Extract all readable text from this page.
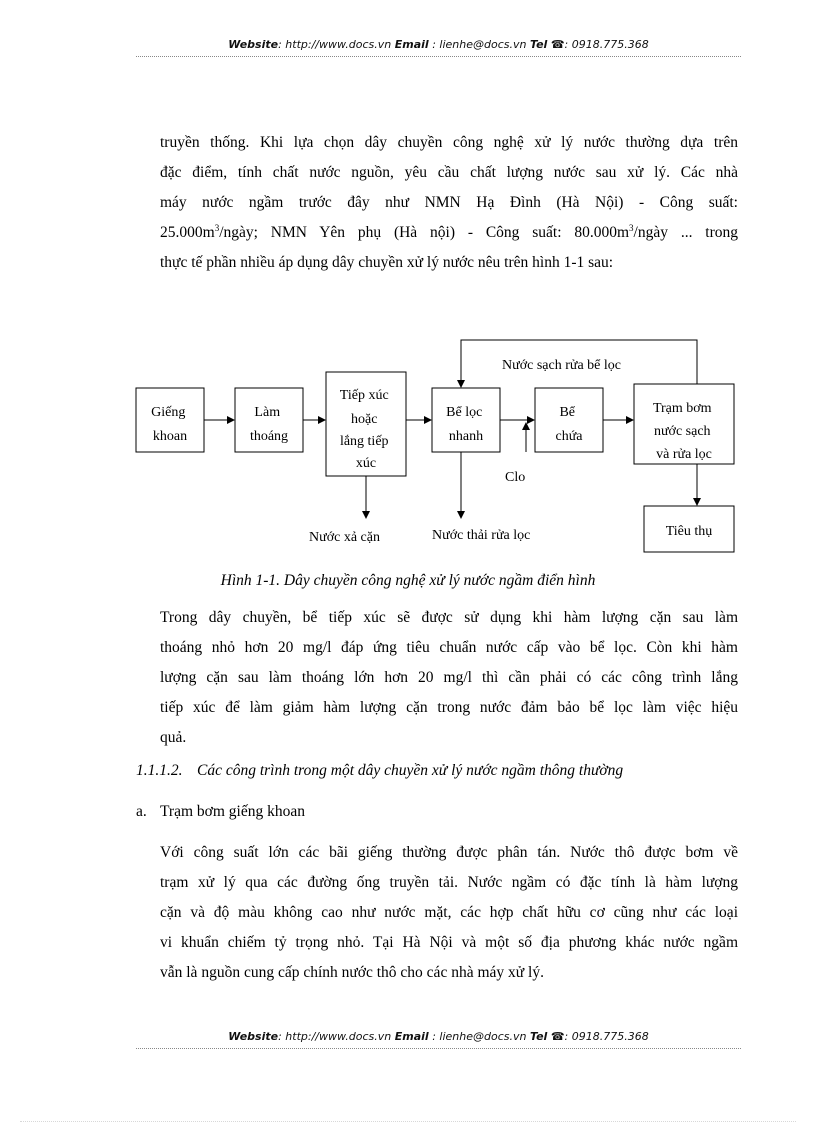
Website: http://www.docs.vn Email : lienhe@docs.vn Tel ☎: 0918.775.368
truyền thống. Khi lựa chọn dây chuyền công nghệ xử lý nước thường dựa trên
đặc điểm, tính chất nước nguồn, yêu cầu chất lượng nước sau xử lý. Các nhà
máy nước ngầm trước đây như NMN Hạ Đình (Hà Nội) - Công suất:
$25.000m^3$/ngày; NMN Yên phụ (Hà nội) - Công suất: $80.000m^3$/ngày ... trong
thực tế phần nhiều áp dụng dây chuyền xử lý nước nêu trên hình 1-1 sau:
Giếng khoan
Làm thoáng
Tiếp xúc hoặc lắng tiếp xúc
Bể lọc nhanh
Bể chứa
Trạm bơm nước sạch và rửa lọc
Tiêu thụ
Nước sạch rửa bể lọc
Clo
Nước xả cặn	Nước thải rửa lọc
Hình 1-1. Dây chuyền công nghệ xử lý nước ngầm điển hình
Trong dây chuyền, bể tiếp xúc sẽ được sử dụng khi hàm lượng cặn sau làm
thoáng nhỏ hơn 20 mg/l đáp ứng tiêu chuẩn nước cấp vào bể lọc. Còn khi hàm
lượng cặn sau làm thoáng lớn hơn 20 mg/l thì cần phải có các công trình lắng
tiếp xúc để làm giảm hàm lượng cặn trong nước đảm bảo bể lọc làm việc hiệu
quả.
1.1.1.2. Các công trình trong một dây chuyền xử lý nước ngầm thông thường
a. Trạm bơm giếng khoan
Với công suất lớn các bãi giếng thường được phân tán. Nước thô được bơm về
trạm xử lý qua các đường ống truyền tải. Nước ngầm có đặc tính là hàm lượng
cặn và độ màu không cao như nước mặt, các hợp chất hữu cơ cũng như các loại
vi khuẩn chiếm tỷ trọng nhỏ. Tại Hà Nội và một số địa phương khác nước ngầm
vẫn là nguồn cung cấp chính nước thô cho các nhà máy xử lý.
Website: http://www.docs.vn Email : lienhe@docs.vn Tel ☎: 0918.775.368
